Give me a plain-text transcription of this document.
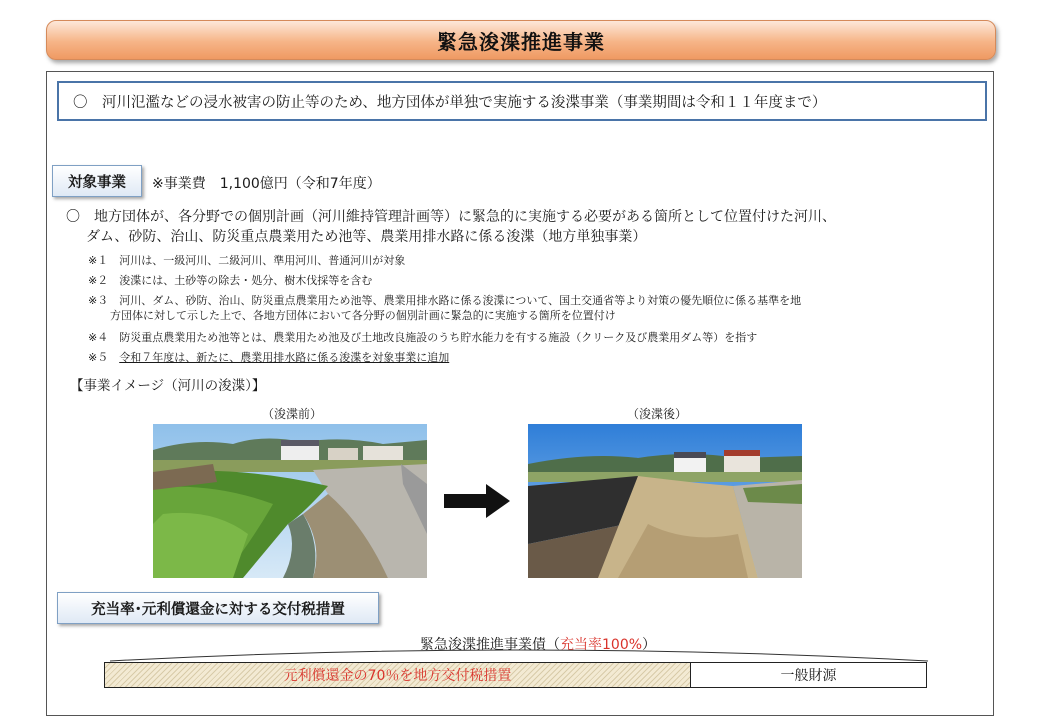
緊急浚渫推進事業
〇　河川氾濫などの浸水被害の防止等のため、地方団体が単独で実施する浚渫事業（事業期間は令和１１年度まで）
対象事業	※事業費　1,100億円（令和7年度）
〇　地方団体が、各分野での個別計画（河川維持管理計画等）に緊急的に実施する必要がある箇所として位置付けた河川、
ダム、砂防、治山、防災重点農業用ため池等、農業用排水路に係る浚渫（地方単独事業）
※１　河川は、一級河川、二級河川、準用河川、普通河川が対象
※２　浚渫には、土砂等の除去・処分、樹木伐採等を含む
※３　河川、ダム、砂防、治山、防災重点農業用ため池等、農業用排水路に係る浚渫について、国土交通省等より対策の優先順位に係る基準を地
方団体に対して示した上で、各地方団体において各分野の個別計画に緊急的に実施する箇所を位置付け
※４　防災重点農業用ため池等とは、農業用ため池及び土地改良施設のうち貯水能力を有する施設（クリーク及び農業用ダム等）を指す
※５　令和７年度は、新たに、農業用排水路に係る浚渫を対象事業に追加
【事業イメージ（河川の浚渫）】
（浚渫前）	（浚渫後）
充当率･元利償還金に対する交付税措置
緊急浚渫推進事業債（充当率100%）
元利償還金の70％を地方交付税措置	一般財源
